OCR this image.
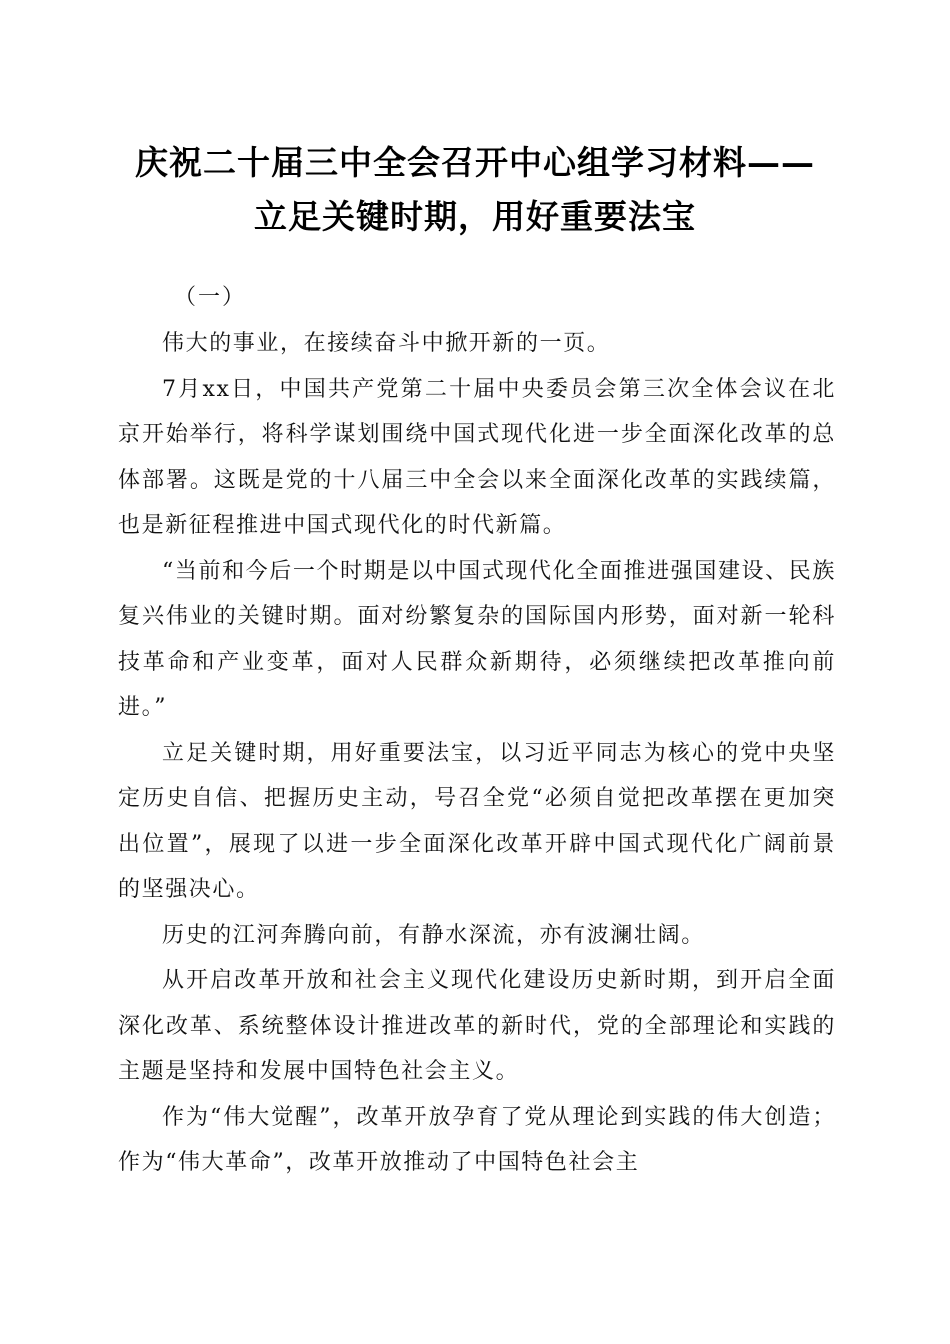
庆祝二十届三中全会召开中心组学习材料——
立足关键时期，用好重要法宝

（一）

伟大的事业，在接续奋斗中掀开新的一页。

7月xx日，中国共产党第二十届中央委员会第三次全体会议在北京开始举行，将科学谋划围绕中国式现代化进一步全面深化改革的总体部署。这既是党的十八届三中全会以来全面深化改革的实践续篇，也是新征程推进中国式现代化的时代新篇。

“当前和今后一个时期是以中国式现代化全面推进强国建设、民族复兴伟业的关键时期。面对纷繁复杂的国际国内形势，面对新一轮科技革命和产业变革，面对人民群众新期待，必须继续把改革推向前进。”

立足关键时期，用好重要法宝，以习近平同志为核心的党中央坚定历史自信、把握历史主动，号召全党“必须自觉把改革摆在更加突出位置”，展现了以进一步全面深化改革开辟中国式现代化广阔前景的坚强决心。

历史的江河奔腾向前，有静水深流，亦有波澜壮阔。

从开启改革开放和社会主义现代化建设历史新时期，到开启全面深化改革、系统整体设计推进改革的新时代，党的全部理论和实践的主题是坚持和发展中国特色社会主义。

作为“伟大觉醒”，改革开放孕育了党从理论到实践的伟大创造；作为“伟大革命”，改革开放推动了中国特色社会主
